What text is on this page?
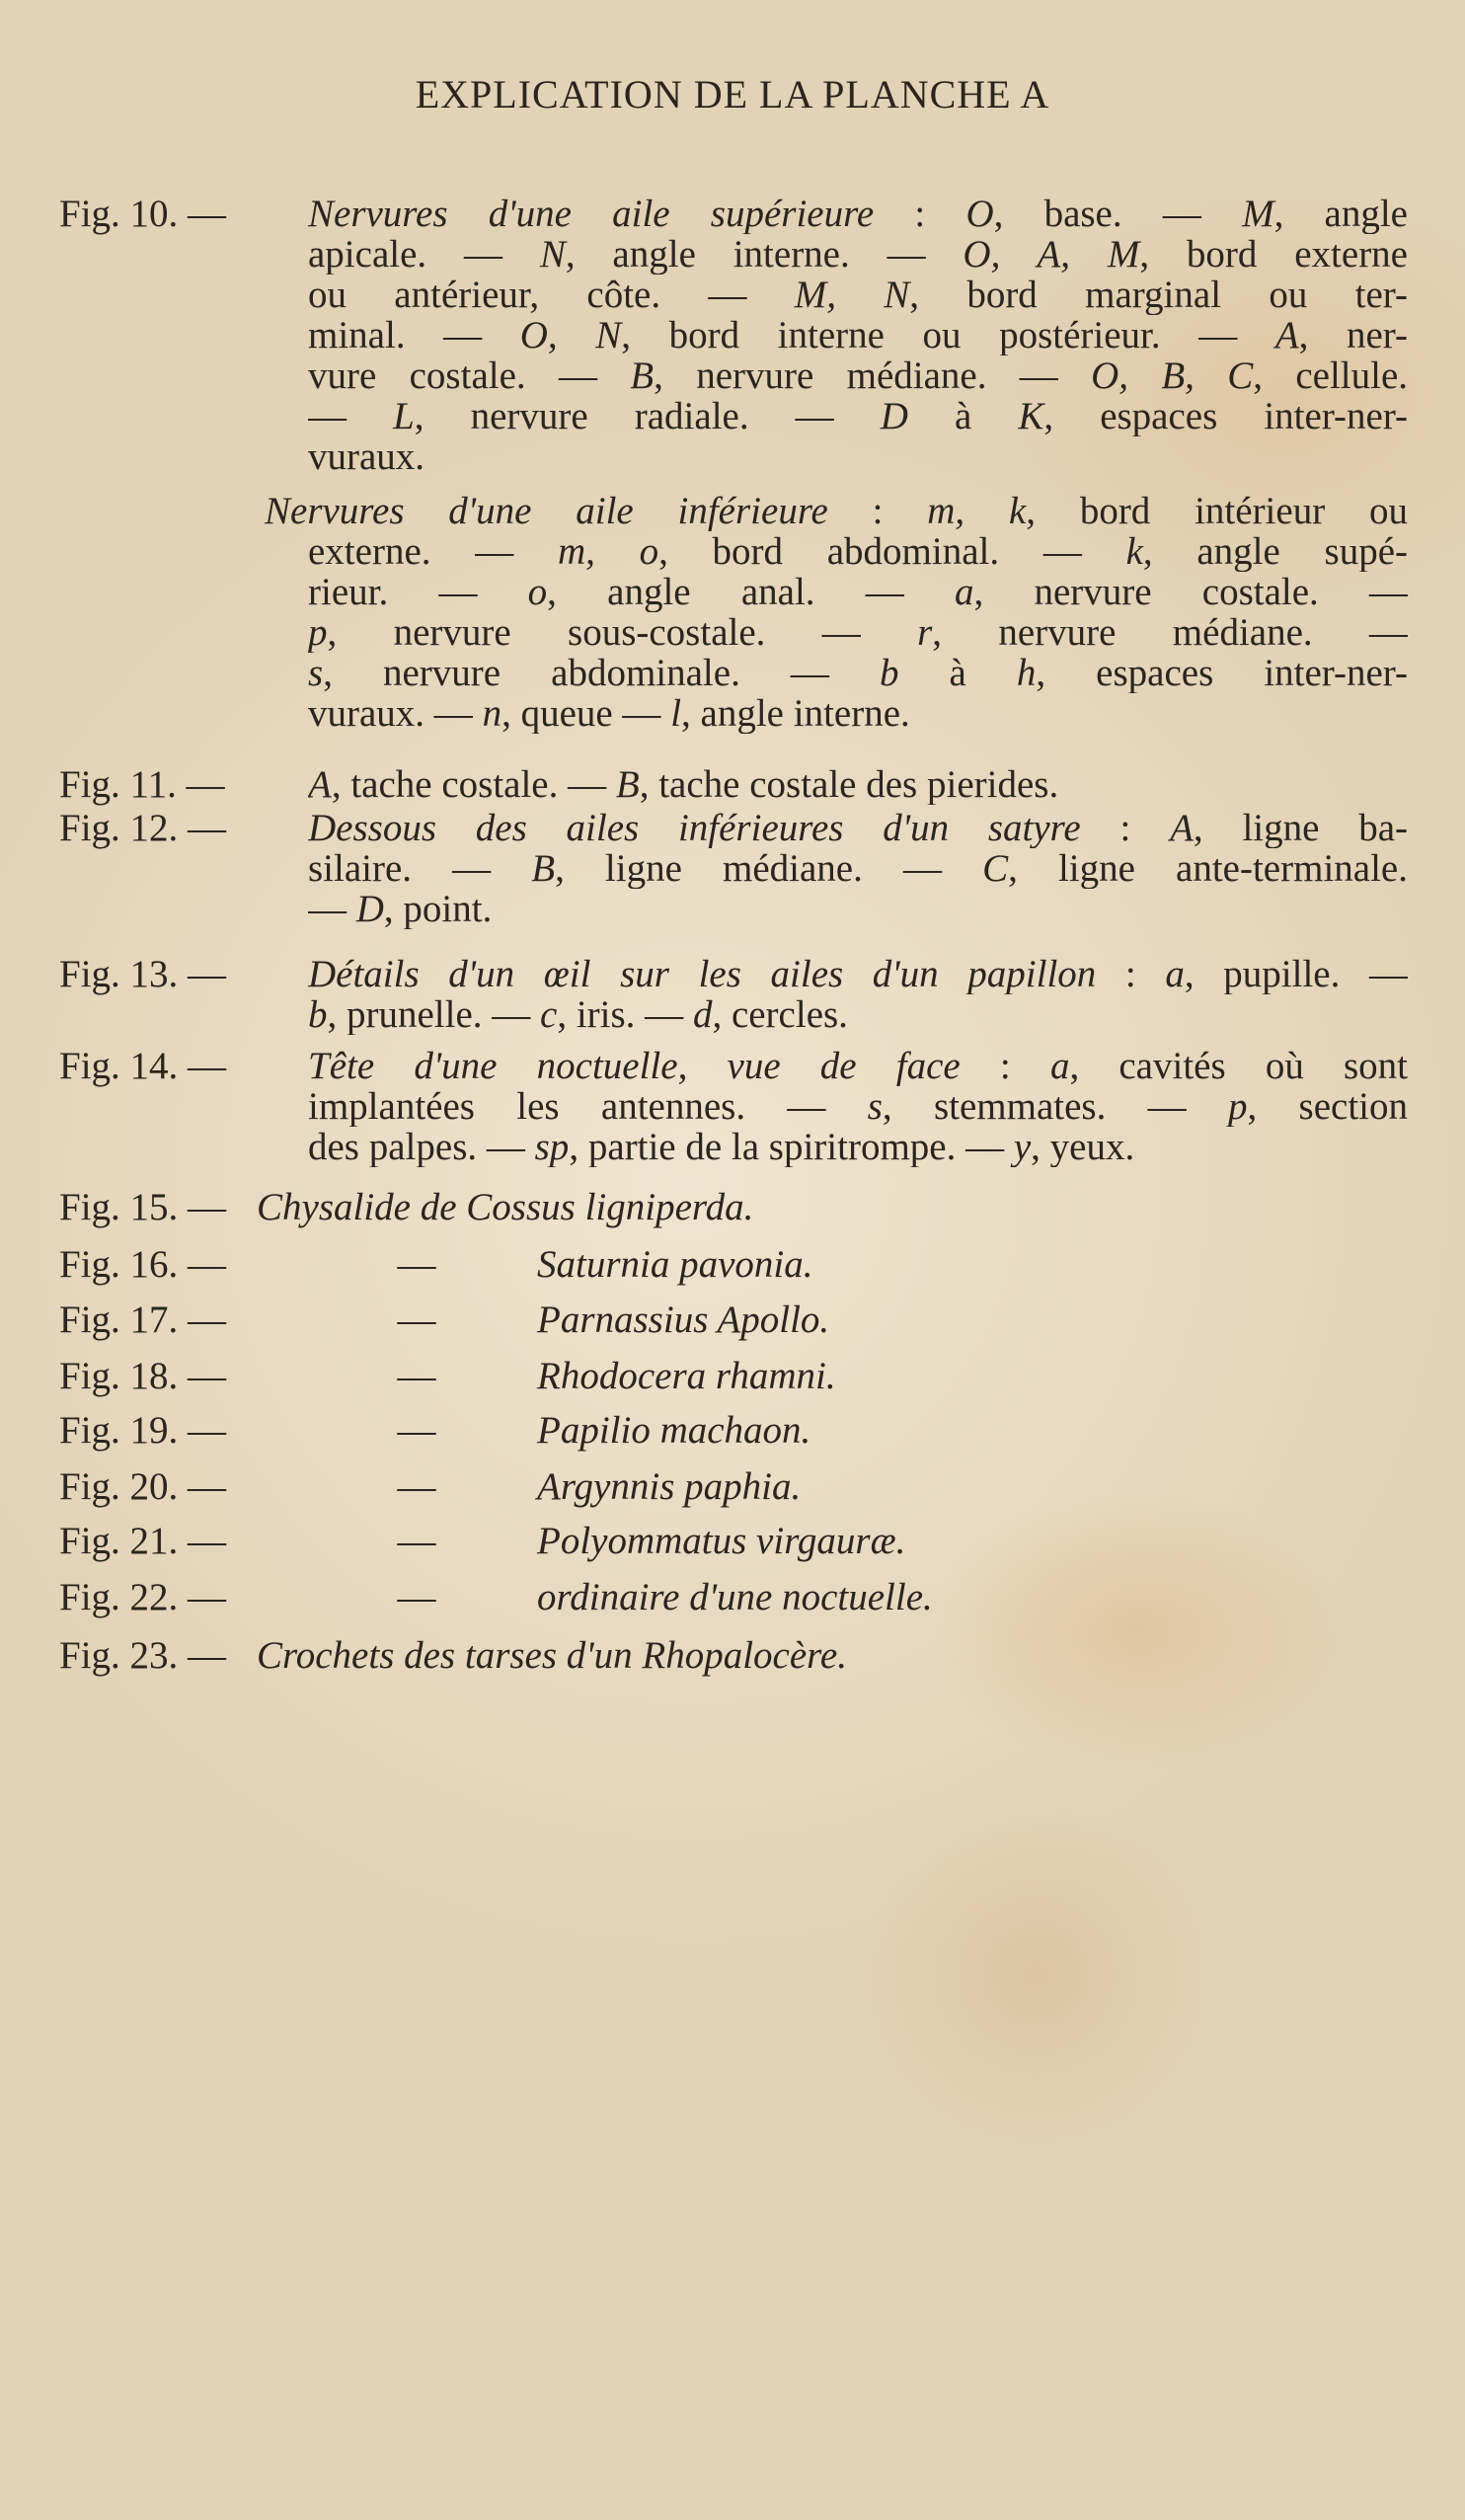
EXPLICATION DE LA PLANCHE A
Fig. 10. — Nervures d'une aile supérieure : O, base. — M, angle
apicale. — N, angle interne. — O, A, M, bord externe
ou antérieur, côte. — M, N, bord marginal ou ter-
minal. — O, N, bord interne ou postérieur. — A, ner-
vure costale. — B, nervure médiane. — O, B, C, cellule.
— L, nervure radiale. — D à K, espaces inter-ner-
vuraux.
Nervures d'une aile inférieure : m, k, bord intérieur ou
externe. — m, o, bord abdominal. — k, angle supé-
rieur. — o, angle anal. — a, nervure costale. —
p, nervure sous-costale. — r, nervure médiane. —
s, nervure abdominale. — b à h, espaces inter-ner-
vuraux. — n, queue — l, angle interne.
Fig. 11. — A, tache costale. — B, tache costale des pierides.
Fig. 12. — Dessous des ailes inférieures d'un satyre : A, ligne ba-
silaire. — B, ligne médiane. — C, ligne ante-terminale.
— D, point.
Fig. 13. — Détails d'un œil sur les ailes d'un papillon : a, pupille. —
b, prunelle. — c, iris. — d, cercles.
Fig. 14. — Tête d'une noctuelle, vue de face : a, cavités où sont
implantées les antennes. — s, stemmates. — p, section
des palpes. — sp, partie de la spiritrompe. — y, yeux.
Fig. 15. — Chysalide de Cossus ligniperda.
Fig. 16. —	—	Saturnia pavonia.
Fig. 17. —	—	Parnassius Apollo.
Fig. 18. —	—	Rhodocera rhamni.
Fig. 19. —	—	Papilio machaon.
Fig. 20. —	—	Argynnis paphia.
Fig. 21. —	—	Polyommatus virgauræ.
Fig. 22. —	—	ordinaire d'une noctuelle.
Fig. 23. — Crochets des tarses d'un Rhopalocère.
